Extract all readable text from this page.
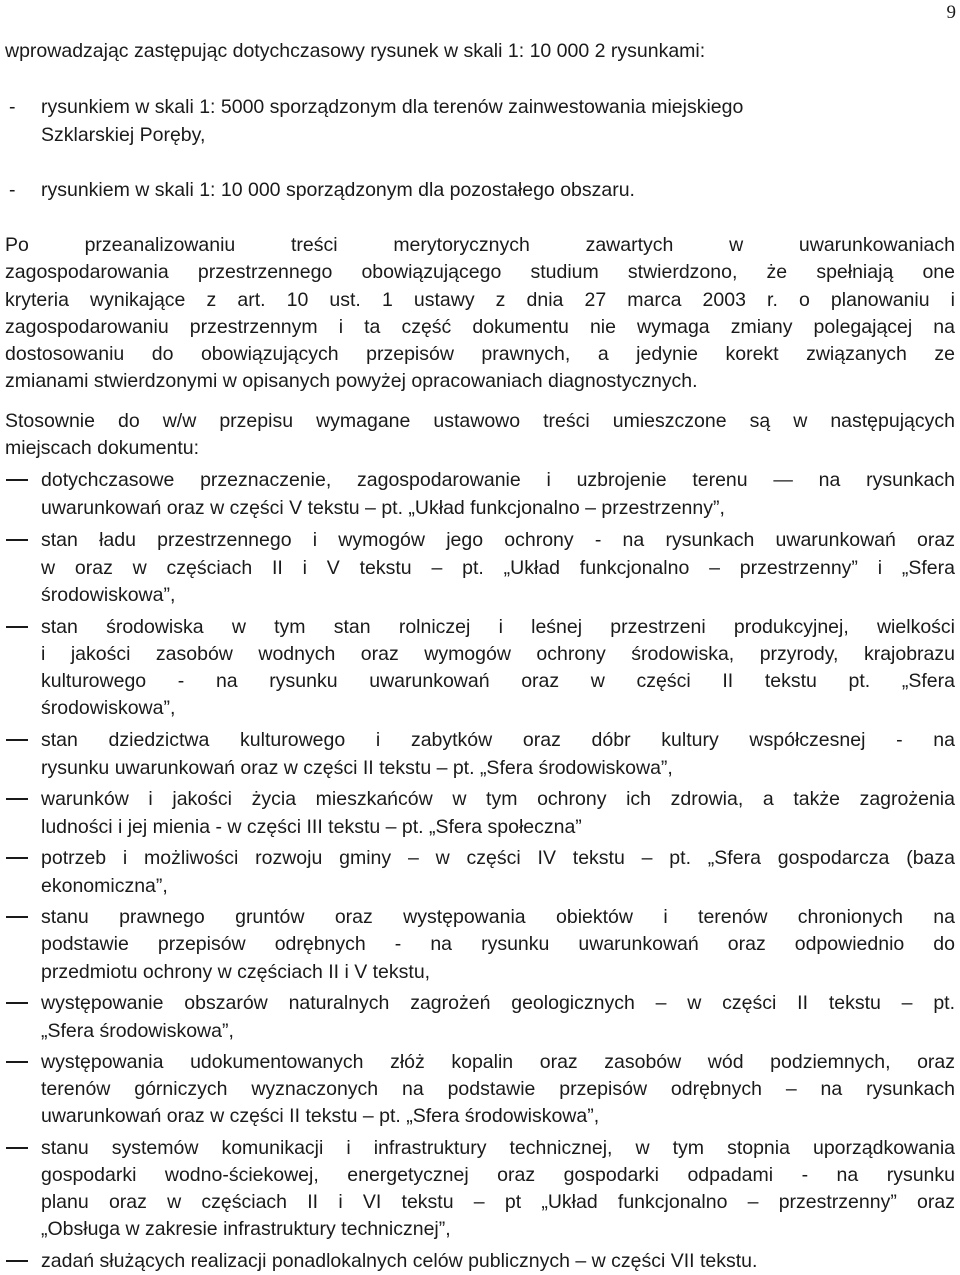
9
wprowadzając zastępując dotychczasowy rysunek w skali 1: 10 000 2 rysunkami:
- rysunkiem w skali 1: 5000 sporządzonym dla terenów zainwestowania miejskiego
Szklarskiej Poręby,
- rysunkiem w skali 1: 10 000 sporządzonym dla pozostałego obszaru.
Po przeanalizowaniu treści merytorycznych zawartych w uwarunkowaniach
zagospodarowania przestrzennego obowiązującego studium stwierdzono, że spełniają one
kryteria wynikające z art. 10 ust. 1 ustawy z dnia 27 marca 2003 r. o planowaniu i
zagospodarowaniu przestrzennym i ta część dokumentu nie wymaga zmiany polegającej na
dostosowaniu do obowiązujących przepisów prawnych, a jedynie korekt związanych ze
zmianami stwierdzonymi w opisanych powyżej opracowaniach diagnostycznych.
Stosownie do w/w przepisu wymagane ustawowo treści umieszczone są w następujących
miejscach dokumentu:
dotychczasowe przeznaczenie, zagospodarowanie i uzbrojenie terenu — na rysunkach
uwarunkowań oraz w części V tekstu – pt. „Układ funkcjonalno – przestrzenny”,
stan ładu przestrzennego i wymogów jego ochrony - na rysunkach uwarunkowań oraz
w oraz w częściach II i V tekstu – pt. „Układ funkcjonalno – przestrzenny” i „Sfera
środowiskowa”,
stan środowiska w tym stan rolniczej i leśnej przestrzeni produkcyjnej, wielkości
i jakości zasobów wodnych oraz wymogów ochrony środowiska, przyrody, krajobrazu
kulturowego - na rysunku uwarunkowań oraz w części II tekstu pt. „Sfera
środowiskowa”,
stan dziedzictwa kulturowego i zabytków oraz dóbr kultury współczesnej - na
rysunku uwarunkowań oraz w części II tekstu – pt. „Sfera środowiskowa”,
warunków i jakości życia mieszkańców w tym ochrony ich zdrowia, a także zagrożenia
ludności i jej mienia - w części III tekstu – pt. „Sfera społeczna”
potrzeb i możliwości rozwoju gminy – w części IV tekstu – pt. „Sfera gospodarcza (baza
ekonomiczna”,
stanu prawnego gruntów oraz występowania obiektów i terenów chronionych na
podstawie przepisów odrębnych - na rysunku uwarunkowań oraz odpowiednio do
przedmiotu ochrony w częściach II i V tekstu,
występowanie obszarów naturalnych zagrożeń geologicznych – w części II tekstu – pt.
„Sfera środowiskowa”,
występowania udokumentowanych złóż kopalin oraz zasobów wód podziemnych, oraz
terenów górniczych wyznaczonych na podstawie przepisów odrębnych – na rysunkach
uwarunkowań oraz w części II tekstu – pt. „Sfera środowiskowa”,
stanu systemów komunikacji i infrastruktury technicznej, w tym stopnia uporządkowania
gospodarki wodno-ściekowej, energetycznej oraz gospodarki odpadami - na rysunku
planu oraz w częściach II i VI tekstu – pt „Układ funkcjonalno – przestrzenny” oraz
„Obsługa w zakresie infrastruktury technicznej”,
zadań służących realizacji ponadlokalnych celów publicznych – w części VII tekstu.
